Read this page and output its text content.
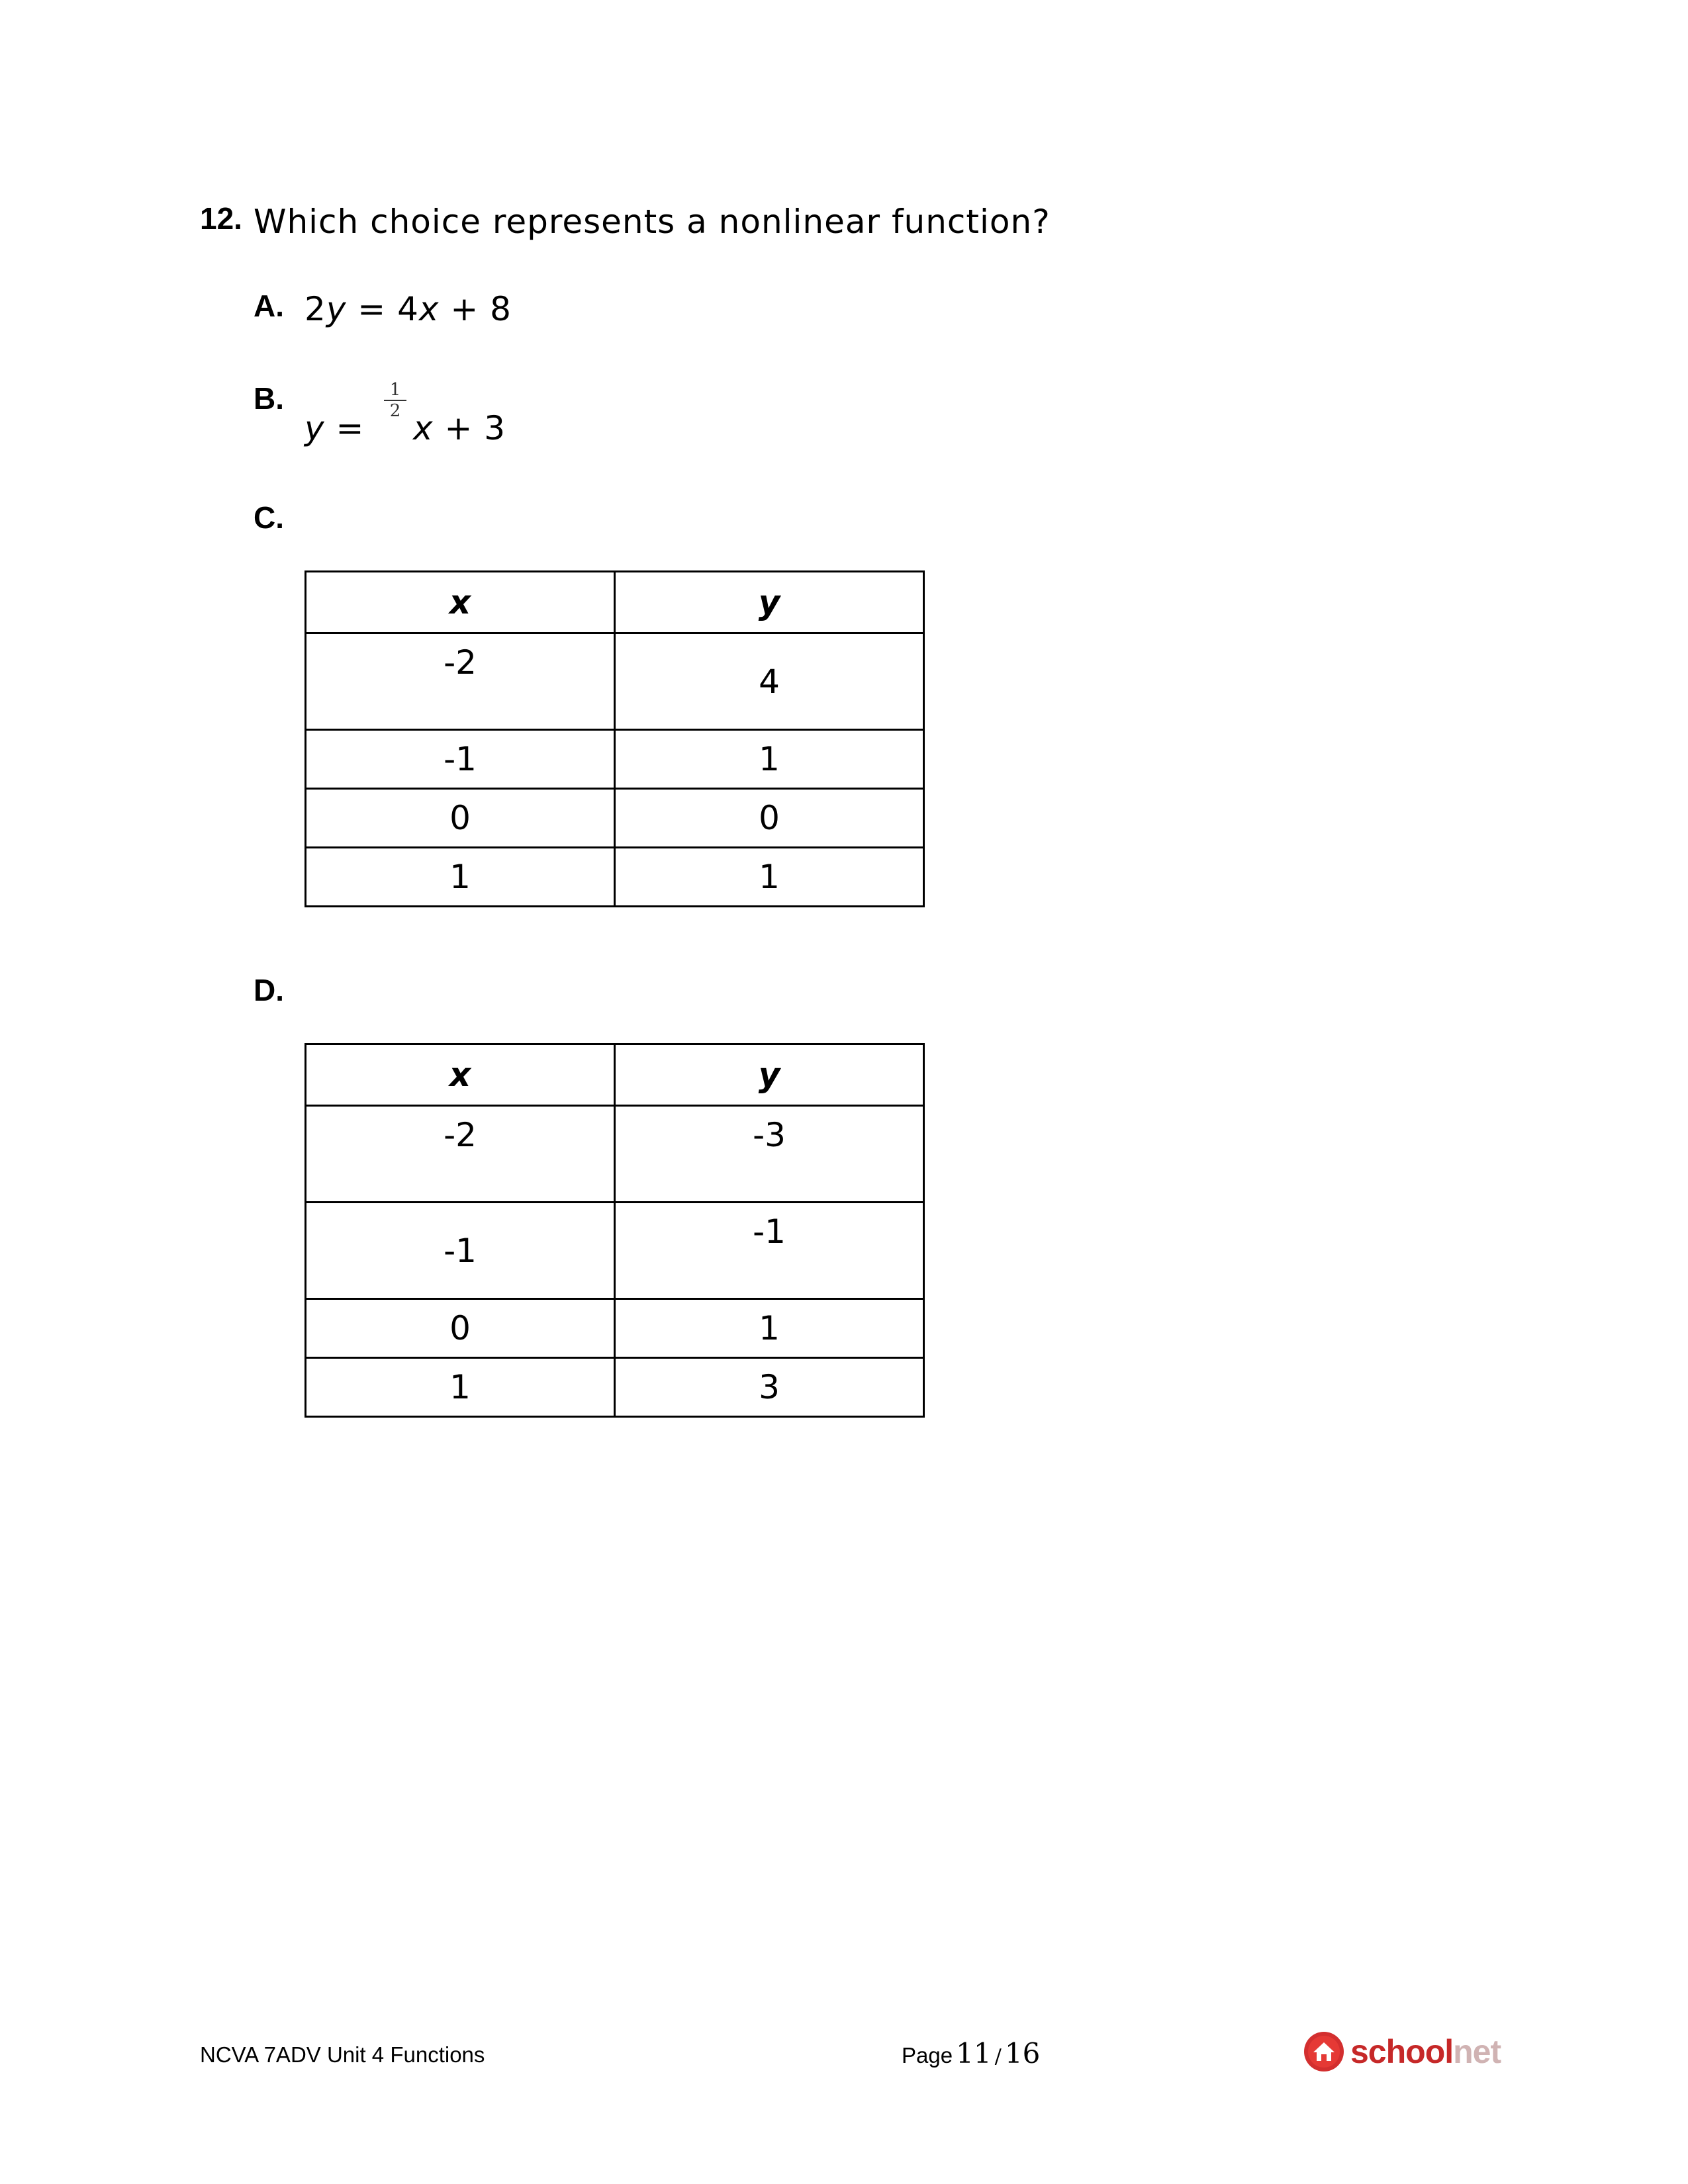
12. Which choice represents a nonlinear function?
A. 2y = 4x + 8
B.
y =
1
2 x + 3
C.
x	y
-2	4
-1	1
0	0
1	1
D.
x	y
-2	-3
-1	-1
0	1
1	3
NCVA 7ADV Unit 4 Functions	Page 11 / 16	schoolnet
